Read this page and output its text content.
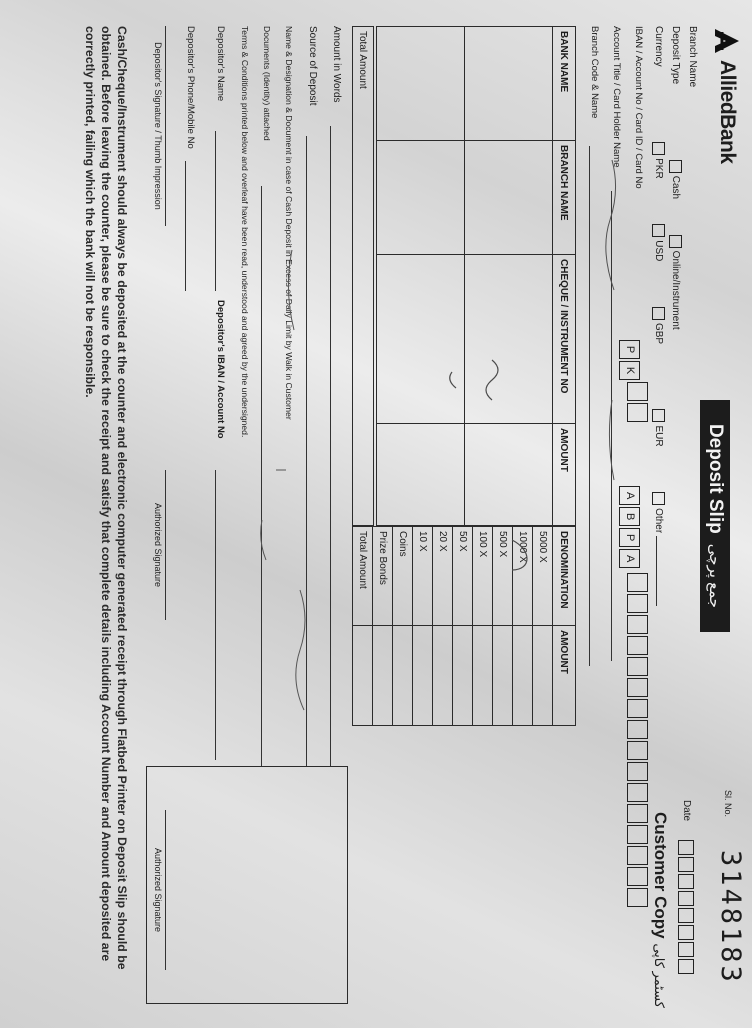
AlliedBank
Deposit Slip
جمع پرچی
Sl. No.
3148183
Date
Customer Copy کسٹمر کاپی
Branch Name
Deposit Type  Cash  Online/Instrument
Currency  PKR  USD  GBP  EUR  Other
IBAN / Account No / Card ID / Card No
PK  ABPA
Account Title / Card Holder Name
Branch Code & Name
BANK NAME	BRANCH NAME	CHEQUE / INSTRUMENT NO	AMOUNT

Total Amount
DENOMINATION	AMOUNT
5000 X	
1000 X	
500 X	
100 X	
50 X	
20 X	
10 X	
Coins	
Prize Bonds	
Total Amount	
Amount in Words
Source of Deposit
Name & Designation & Document in case of Cash Deposit in Excess of Daily Limit by Walk in Customer
Documents (Identity) attached
Terms & Conditions printed below and overleaf have been read, understood and agreed by the undersigned.
Depositor's Name
Depositor's IBAN / Account No
Depositor's Phone/Mobile No
Depositor's Signature / Thumb Impression
Authorized Signature
Authorized Signature
Cash/Cheque/Instrument should always be deposited at the counter and electronic computer generated receipt through Flatbed Printer on Deposit Slip should be obtained. Before leaving the counter, please be sure to check the receipt and satisfy that complete details including Account Number and Amount deposited are correctly printed, failing which the bank will not be responsible.
